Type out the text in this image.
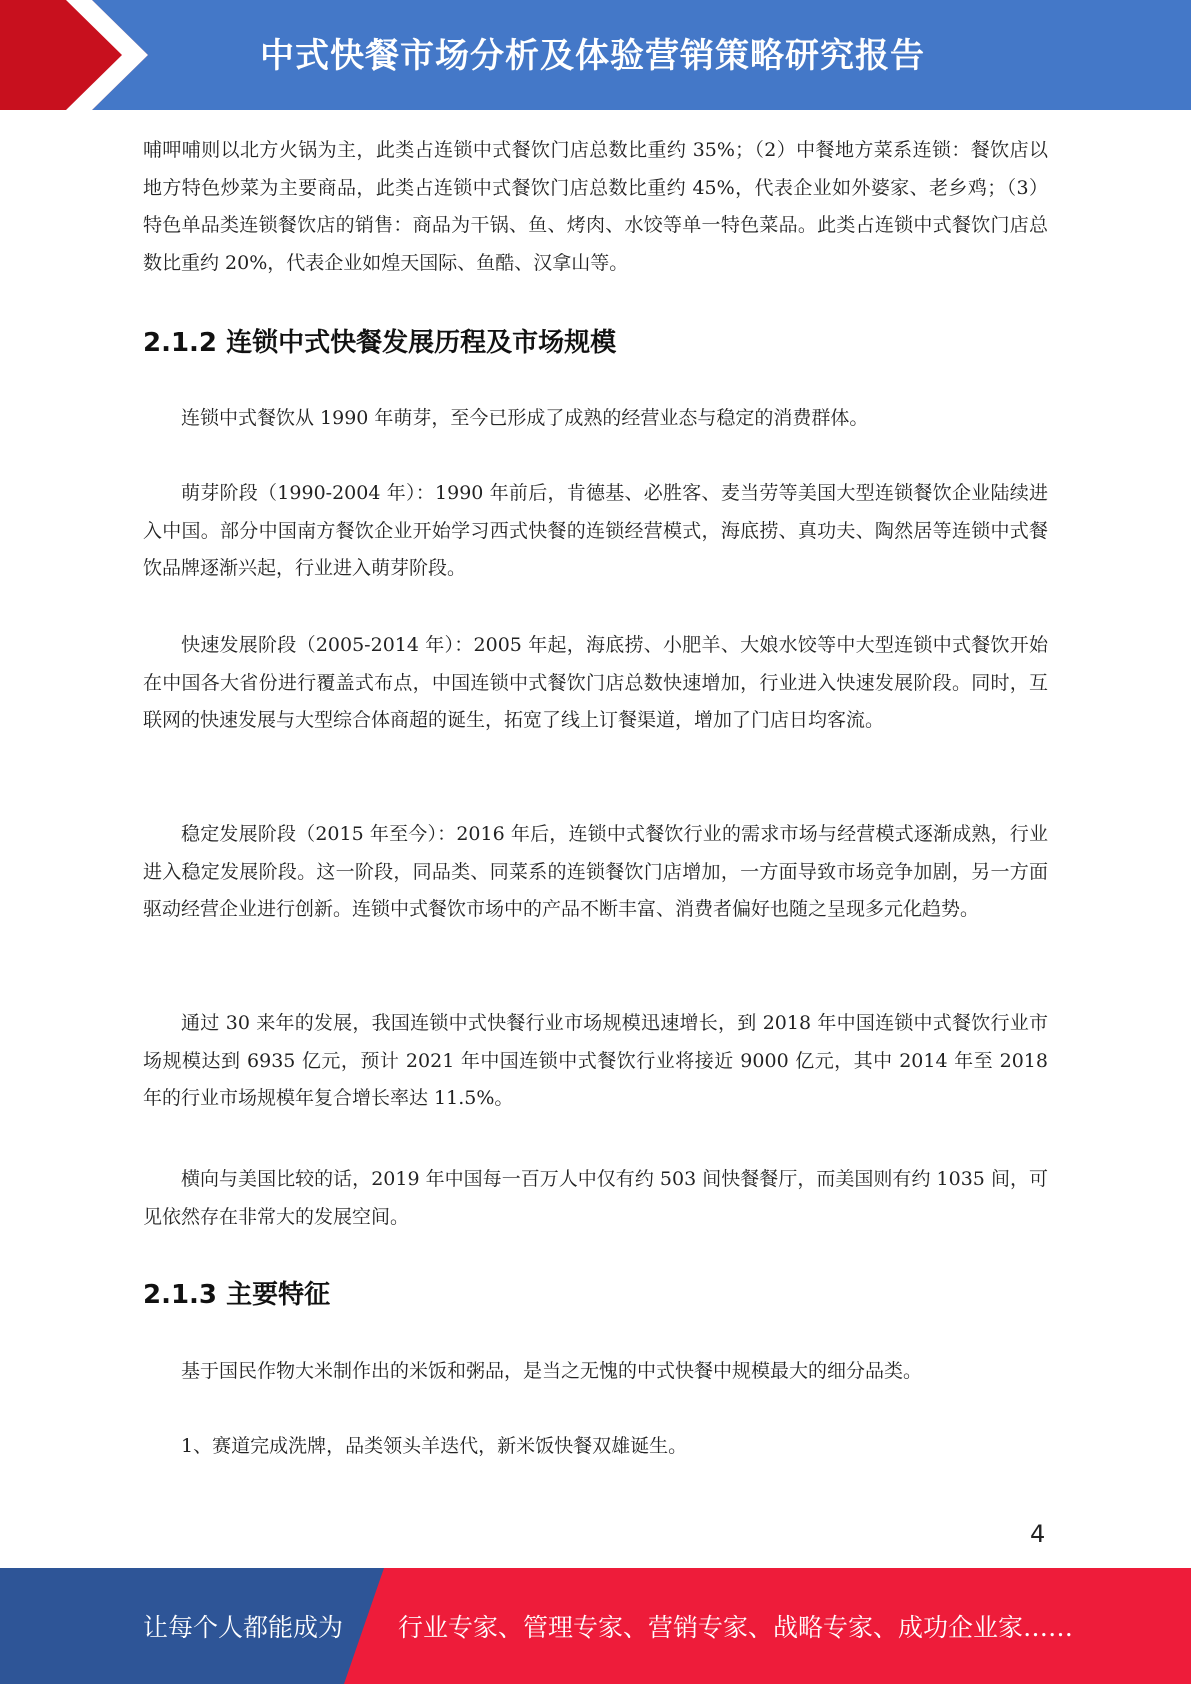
中式快餐市场分析及体验营销策略研究报告

哺呷哺则以北方火锅为主，此类占连锁中式餐饮门店总数比重约 35%；（2）中餐地方菜系连锁：餐饮店以地方特色炒菜为主要商品，此类占连锁中式餐饮门店总数比重约 45%，代表企业如外婆家、老乡鸡；（3）特色单品类连锁餐饮店的销售：商品为干锅、鱼、烤肉、水饺等单一特色菜品。此类占连锁中式餐饮门店总数比重约 20%，代表企业如煌天国际、鱼酷、汉拿山等。

2.1.2 连锁中式快餐发展历程及市场规模

连锁中式餐饮从 1990 年萌芽，至今已形成了成熟的经营业态与稳定的消费群体。

萌芽阶段（1990-2004 年）：1990 年前后，肯德基、必胜客、麦当劳等美国大型连锁餐饮企业陆续进入中国。部分中国南方餐饮企业开始学习西式快餐的连锁经营模式，海底捞、真功夫、陶然居等连锁中式餐饮品牌逐渐兴起，行业进入萌芽阶段。

快速发展阶段（2005-2014 年）：2005 年起，海底捞、小肥羊、大娘水饺等中大型连锁中式餐饮开始在中国各大省份进行覆盖式布点，中国连锁中式餐饮门店总数快速增加，行业进入快速发展阶段。同时，互联网的快速发展与大型综合体商超的诞生，拓宽了线上订餐渠道，增加了门店日均客流。

稳定发展阶段（2015 年至今）：2016 年后，连锁中式餐饮行业的需求市场与经营模式逐渐成熟，行业进入稳定发展阶段。这一阶段，同品类、同菜系的连锁餐饮门店增加，一方面导致市场竞争加剧，另一方面驱动经营企业进行创新。连锁中式餐饮市场中的产品不断丰富、消费者偏好也随之呈现多元化趋势。

通过 30 来年的发展，我国连锁中式快餐行业市场规模迅速增长，到 2018 年中国连锁中式餐饮行业市场规模达到 6935 亿元，预计 2021 年中国连锁中式餐饮行业将接近 9000 亿元，其中 2014 年至 2018 年的行业市场规模年复合增长率达 11.5%。

横向与美国比较的话，2019 年中国每一百万人中仅有约 503 间快餐餐厅，而美国则有约 1035 间，可见依然存在非常大的发展空间。

2.1.3 主要特征

基于国民作物大米制作出的米饭和粥品，是当之无愧的中式快餐中规模最大的细分品类。

1、赛道完成洗牌，品类领头羊迭代，新米饭快餐双雄诞生。

4
让每个人都能成为 行业专家、管理专家、营销专家、战略专家、成功企业家……
